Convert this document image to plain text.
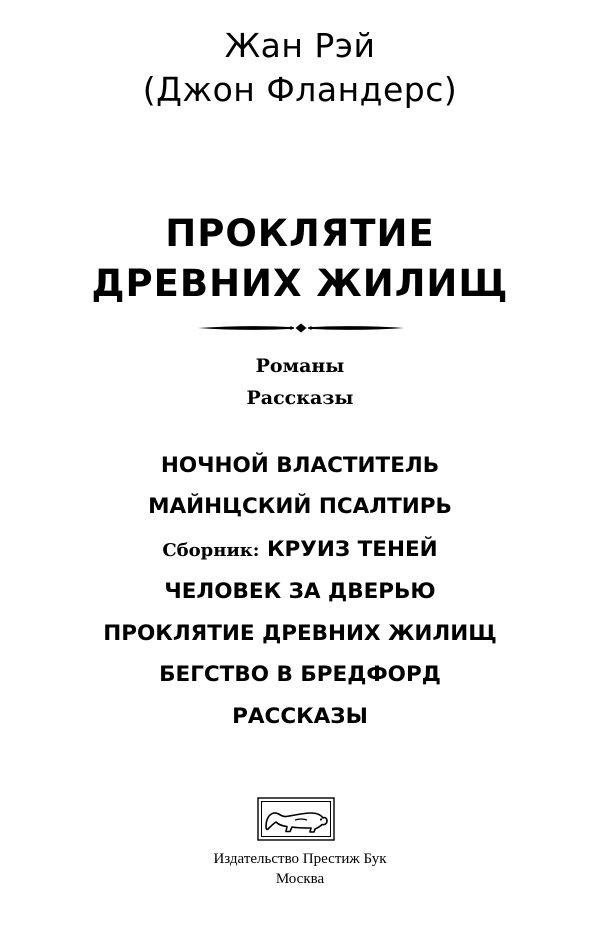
Жан Рэй
(Джон Фландерс)
ПРОКЛЯТИЕ
ДРЕВНИХ ЖИЛИЩ
Романы
Рассказы
НОЧНОЙ ВЛАСТИТЕЛЬ
МАЙНЦСКИЙ ПСАЛТИРЬ
Сборник: КРУИЗ ТЕНЕЙ
ЧЕЛОВЕК ЗА ДВЕРЬЮ
ПРОКЛЯТИЕ ДРЕВНИХ ЖИЛИЩ
БЕГСТВО В БРЕДФОРД
РАССКАЗЫ
Издательство Престиж Бук
Москва
